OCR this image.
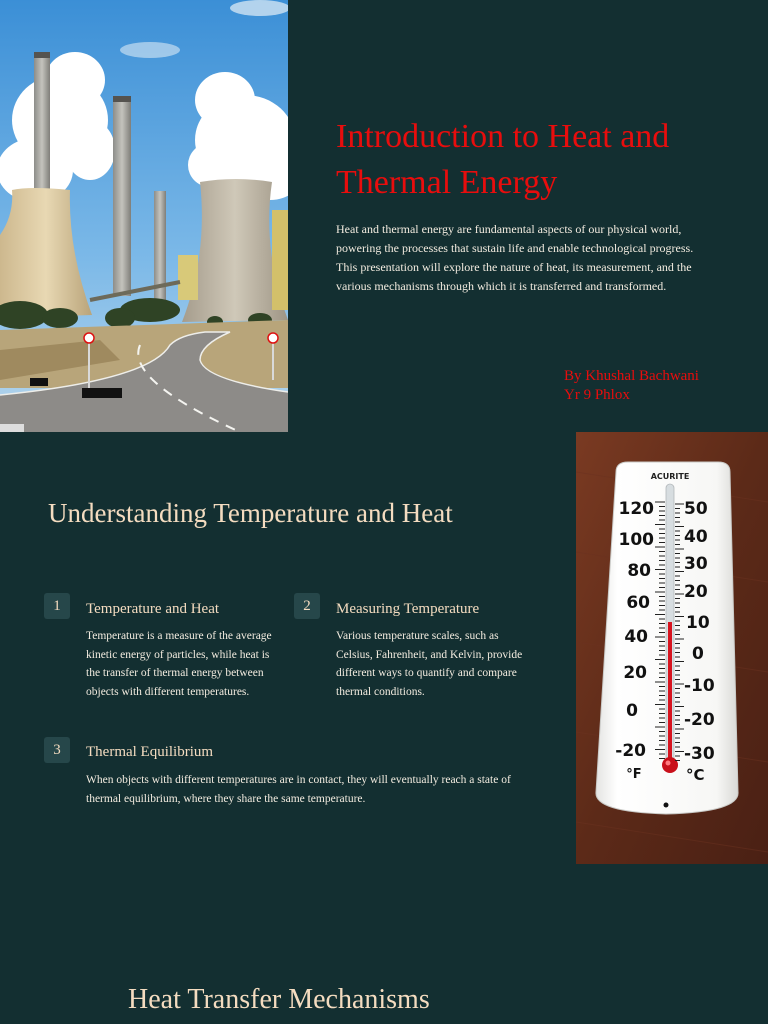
Introduction to Heat and Thermal Energy

Heat and thermal energy are fundamental aspects of our physical world, powering the processes that sustain life and enable technological progress. This presentation will explore the nature of heat, its measurement, and the various mechanisms through which it is transferred and transformed.

By Khushal Bachwani
Yr 9 Phlox
ACURITE
120
100
80
60
40
20
0
-20
°F
50
40
30
20
10
0
-10
-20
-30
°C
Understanding Temperature and Heat
1	Temperature and Heat

Temperature is a measure of the average kinetic energy of particles, while heat is the transfer of thermal energy between objects with different temperatures.

2	Measuring Temperature

Various temperature scales, such as Celsius, Fahrenheit, and Kelvin, provide different ways to quantify and compare thermal conditions.

3	Thermal Equilibrium

When objects with different temperatures are in contact, they will eventually reach a state of thermal equilibrium, where they share the same temperature.

Heat Transfer Mechanisms
